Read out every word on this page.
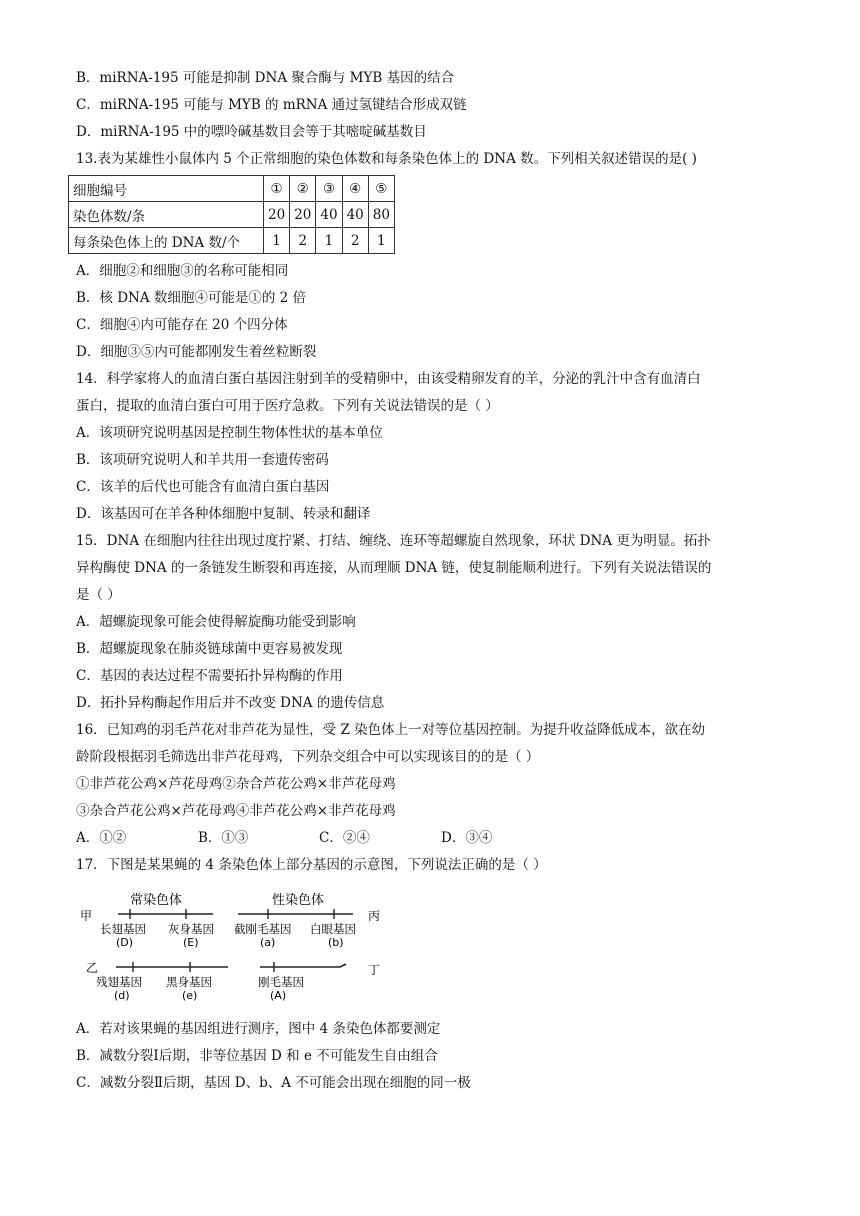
B．miRNA-195 可能是抑制 DNA 聚合酶与 MYB 基因的结合
C．miRNA-195 可能与 MYB 的 mRNA 通过氢键结合形成双链
D．miRNA-195 中的嘌呤碱基数目会等于其嘧啶碱基数目
13.表为某雄性小鼠体内 5 个正常细胞的染色体数和每条染色体上的 DNA 数。下列相关叙述错误的是( )
细胞编号	①	②	③	④	⑤
染色体数/条	20	20	40	40	80
每条染色体上的 DNA 数/个	1	2	1	2	1
A．细胞②和细胞③的名称可能相同
B．核 DNA 数细胞④可能是①的 2 倍
C．细胞④内可能存在 20 个四分体
D．细胞③⑤内可能都刚发生着丝粒断裂
14．科学家将人的血清白蛋白基因注射到羊的受精卵中，由该受精卵发育的羊，分泌的乳汁中含有血清白
蛋白，提取的血清白蛋白可用于医疗急救。下列有关说法错误的是（ ）
A．该项研究说明基因是控制生物体性状的基本单位
B．该项研究说明人和羊共用一套遗传密码
C．该羊的后代也可能含有血清白蛋白基因
D．该基因可在羊各种体细胞中复制、转录和翻译
15．DNA 在细胞内往往出现过度拧紧、打结、缠绕、连环等超螺旋自然现象，环状 DNA 更为明显。拓扑
异构酶使 DNA 的一条链发生断裂和再连接，从而理顺 DNA 链，使复制能顺利进行。下列有关说法错误的
是（ ）
A．超螺旋现象可能会使得解旋酶功能受到影响
B．超螺旋现象在肺炎链球菌中更容易被发现
C．基因的表达过程不需要拓扑异构酶的作用
D．拓扑异构酶起作用后并不改变 DNA 的遗传信息
16．已知鸡的羽毛芦花对非芦花为显性，受 Z 染色体上一对等位基因控制。为提升收益降低成本，欲在幼
龄阶段根据羽毛筛选出非芦花母鸡，下列杂交组合中可以实现该目的的是（ ）
①非芦花公鸡×芦花母鸡②杂合芦花公鸡×非芦花母鸡
③杂合芦花公鸡×芦花母鸡④非芦花公鸡×非芦花母鸡
A．①②	B．①③	C．②④	D．③④
17．下图是某果蝇的 4 条染色体上部分基因的示意图，下列说法正确的是（ ）
常染色体	性染色体
甲	丙
乙	丁
长翅基因
(D)
灰身基因
(E)
截刚毛基因
(a)
白眼基因
(b)
残翅基因
(d)
黑身基因
(e)
刚毛基因
(A)
A．若对该果蝇的基因组进行测序，图中 4 条染色体都要测定
B．减数分裂Ⅰ后期，非等位基因 D 和 e 不可能发生自由组合
C．减数分裂Ⅱ后期，基因 D、b、A 不可能会出现在细胞的同一极
